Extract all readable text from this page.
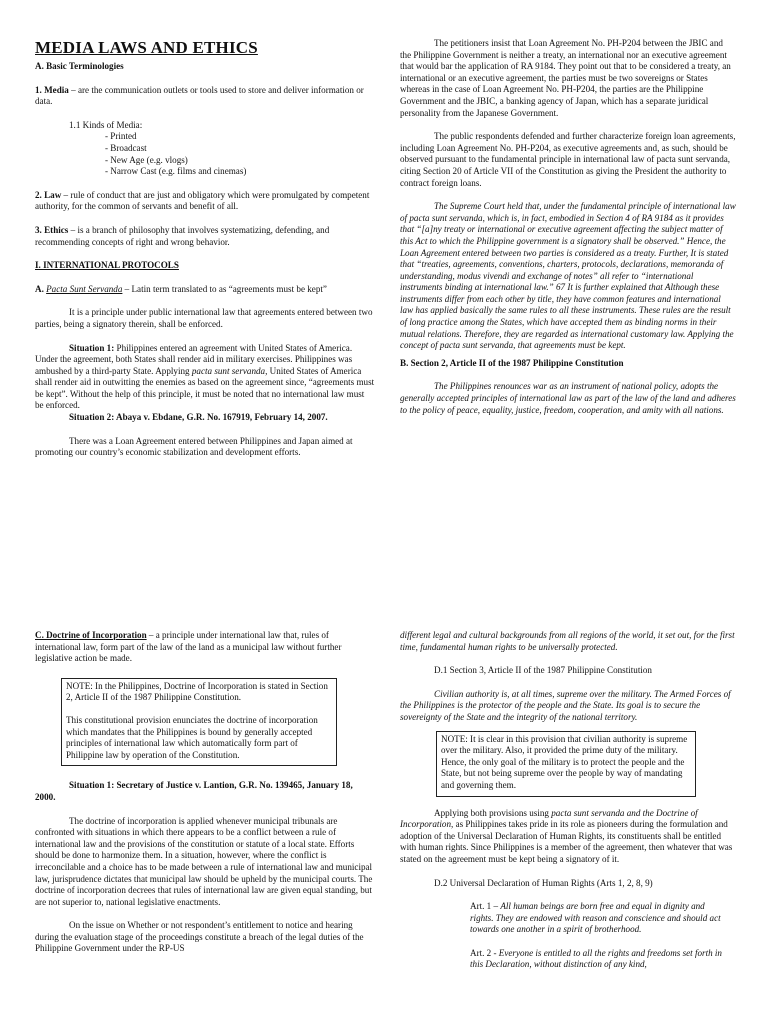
MEDIA LAWS AND ETHICS

A. Basic Terminologies

1. Media – are the communication outlets or tools used to store and deliver information or data.

1.1 Kinds of Media:

- Printed

- Broadcast

- New Age (e.g. vlogs)

- Narrow Cast (e.g. films and cinemas)

2. Law – rule of conduct that are just and obligatory which were promulgated by competent authority, for the common of servants and benefit of all.

3. Ethics – is a branch of philosophy that involves systematizing, defending, and recommending concepts of right and wrong behavior.

I. INTERNATIONAL PROTOCOLS

A. Pacta Sunt Servanda – Latin term translated to as “agreements must be kept”

It is a principle under public international law that agreements entered between two parties, being a signatory therein, shall be enforced.

Situation 1: Philippines entered an agreement with United States of America. Under the agreement, both States shall render aid in military exercises. Philippines was ambushed by a third-party State. Applying pacta sunt servanda, United States of America shall render aid in outwitting the enemies as based on the agreement since, “agreements must be kept”. Without the help of this principle, it must be noted that no international law must be enforced.

Situation 2: Abaya v. Ebdane, G.R. No. 167919, February 14, 2007.

There was a Loan Agreement entered between Philippines and Japan aimed at promoting our country’s economic stabilization and development efforts.

The petitioners insist that Loan Agreement No. PH-P204 between the JBIC and the Philippine Government is neither a treaty, an international nor an executive agreement that would bar the application of RA 9184. They point out that to be considered a treaty, an international or an executive agreement, the parties must be two sovereigns or States whereas in the case of Loan Agreement No. PH-P204, the parties are the Philippine Government and the JBIC, a banking agency of Japan, which has a separate juridical personality from the Japanese Government.

The public respondents defended and further characterize foreign loan agreements, including Loan Agreement No. PH-P204, as executive agreements and, as such, should be observed pursuant to the fundamental principle in international law of pacta sunt servanda, citing Section 20 of Article VII of the Constitution as giving the President the authority to contract foreign loans.

The Supreme Court held that, under the fundamental principle of international law of pacta sunt servanda, which is, in fact, embodied in Section 4 of RA 9184 as it provides that “[a]ny treaty or international or executive agreement affecting the subject matter of this Act to which the Philippine government is a signatory shall be observed.” Hence, the Loan Agreement entered between two parties is considered as a treaty. Further, It is stated that “treaties, agreements, conventions, charters, protocols, declarations, memoranda of understanding, modus vivendi and exchange of notes” all refer to “international instruments binding at international law.” 67 It is further explained that Although these instruments differ from each other by title, they have common features and international law has applied basically the same rules to all these instruments. These rules are the result of long practice among the States, which have accepted them as binding norms in their mutual relations. Therefore, they are regarded as international customary law. Applying the concept of pacta sunt servanda, that agreements must be kept.

B. Section 2, Article II of the 1987 Philippine Constitution

The Philippines renounces war as an instrument of national policy, adopts the generally accepted principles of international law as part of the law of the land and adheres to the policy of peace, equality, justice, freedom, cooperation, and amity with all nations.

C. Doctrine of Incorporation – a principle under international law that, rules of international law, form part of the law of the land as a municipal law without further legislative action be made.

NOTE: In the Philippines, Doctrine of Incorporation is stated in Section 2, Article II of the 1987 Philippine Constitution.

This constitutional provision enunciates the doctrine of incorporation which mandates that the Philippines is bound by generally accepted principles of international law which automatically form part of Philippine law by operation of the Constitution.

Situation 1: Secretary of Justice v. Lantion, G.R. No. 139465, January 18, 2000.

The doctrine of incorporation is applied whenever municipal tribunals are confronted with situations in which there appears to be a conflict between a rule of international law and the provisions of the constitution or statute of a local state. Efforts should be done to harmonize them. In a situation, however, where the conflict is irreconcilable and a choice has to be made between a rule of international law and municipal law, jurisprudence dictates that municipal law should be upheld by the municipal courts. The doctrine of incorporation decrees that rules of international law are given equal standing, but are not superior to, national legislative enactments.

On the issue on Whether or not respondent’s entitlement to notice and hearing during the evaluation stage of the proceedings constitute a breach of the legal duties of the Philippine Government under the RP-US

different legal and cultural backgrounds from all regions of the world, it set out, for the first time, fundamental human rights to be universally protected.

D.1 Section 3, Article II of the 1987 Philippine Constitution

Civilian authority is, at all times, supreme over the military. The Armed Forces of the Philippines is the protector of the people and the State. Its goal is to secure the sovereignty of the State and the integrity of the national territory.

NOTE: It is clear in this provision that civilian authority is supreme over the military. Also, it provided the prime duty of the military. Hence, the only goal of the military is to protect the people and the State, but not being supreme over the people by way of mandating and governing them.

Applying both provisions using pacta sunt servanda and the Doctrine of Incorporation, as Philippines takes pride in its role as pioneers during the formulation and adoption of the Universal Declaration of Human Rights, its constituents shall be entitled with human rights. Since Philippines is a member of the agreement, then whatever that was stated on the agreement must be kept being a signatory of it.

D.2 Universal Declaration of Human Rights (Arts 1, 2, 8, 9)

Art. 1 – All human beings are born free and equal in dignity and rights. They are endowed with reason and conscience and should act towards one another in a spirit of brotherhood.

Art. 2 - Everyone is entitled to all the rights and freedoms set forth in this Declaration, without distinction of any kind,
